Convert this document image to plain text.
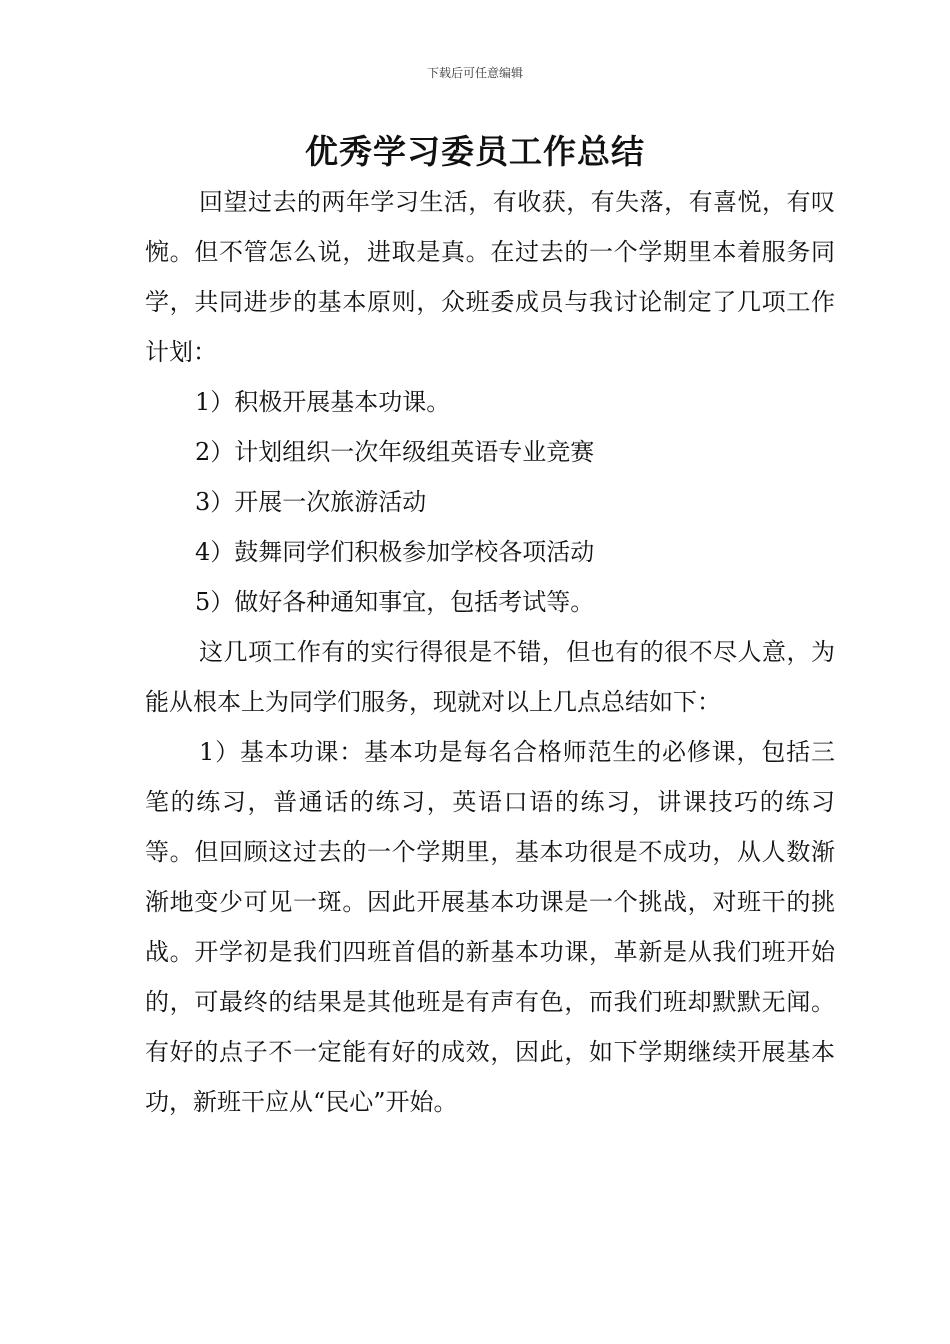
下载后可任意编辑
优秀学习委员工作总结

回望过去的两年学习生活，有收获，有失落，有喜悦，有叹惋。但不管怎么说，进取是真。在过去的一个学期里本着服务同学，共同进步的基本原则，众班委成员与我讨论制定了几项工作计划：

1）积极开展基本功课。

2）计划组织一次年级组英语专业竞赛

3）开展一次旅游活动

4）鼓舞同学们积极参加学校各项活动

5）做好各种通知事宜，包括考试等。

这几项工作有的实行得很是不错，但也有的很不尽人意，为能从根本上为同学们服务，现就对以上几点总结如下：

1）基本功课：基本功是每名合格师范生的必修课，包括三笔的练习，普通话的练习，英语口语的练习，讲课技巧的练习等。但回顾这过去的一个学期里，基本功很是不成功，从人数渐渐地变少可见一斑。因此开展基本功课是一个挑战，对班干的挑战。开学初是我们四班首倡的新基本功课，革新是从我们班开始的，可最终的结果是其他班是有声有色，而我们班却默默无闻。有好的点子不一定能有好的成效，因此，如下学期继续开展基本功，新班干应从“民心”开始。
